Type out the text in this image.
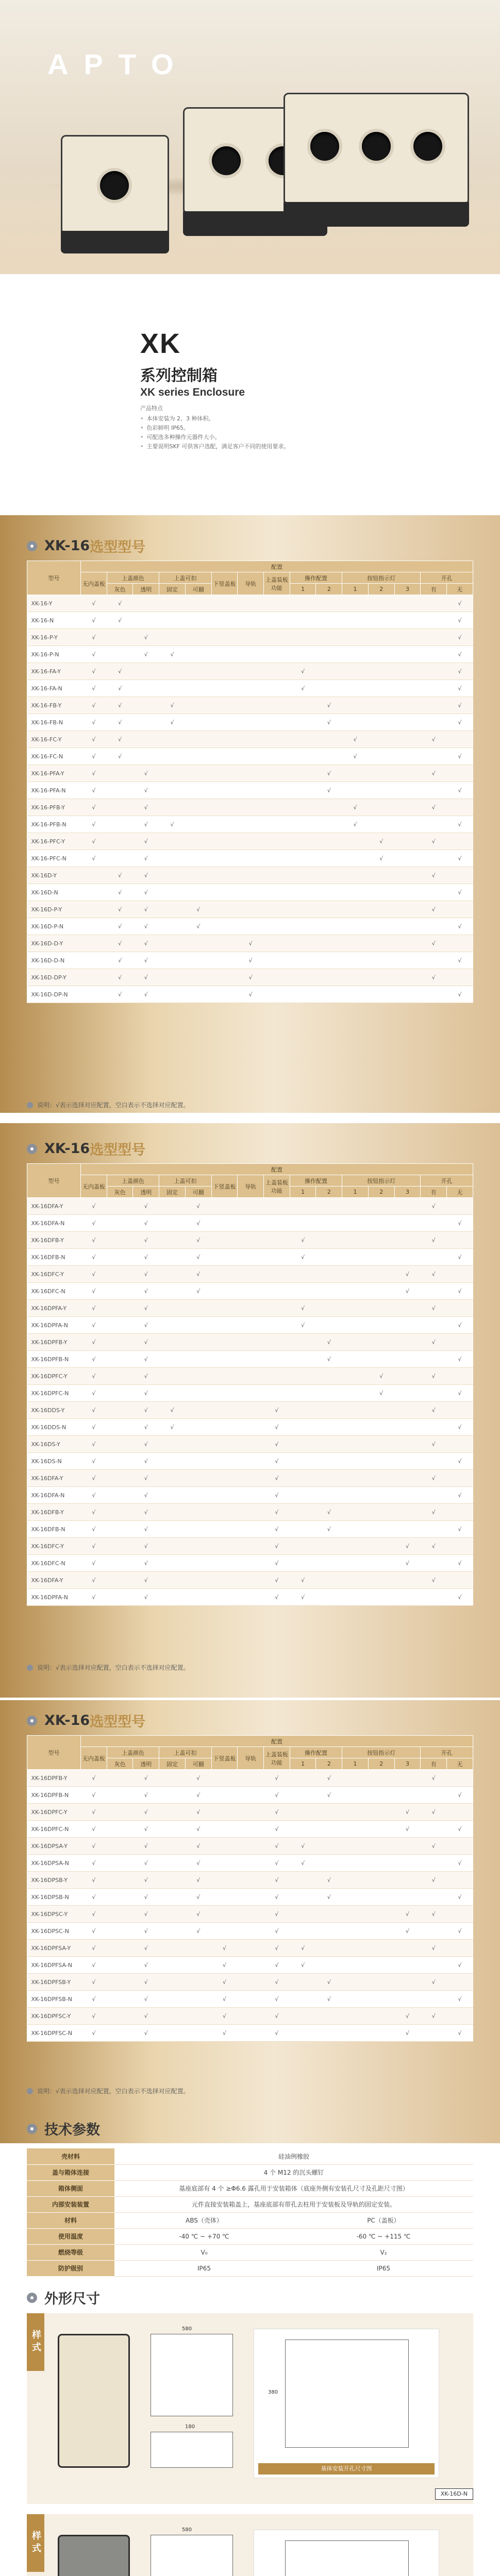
APTO
XK
系列控制箱
XK series Enclosure
产品特点
• 本体安装为 2、3 种体积。
• 色彩鲜明 IP65。
• 可配选多种操作元器件大小。
• 主要说明SKF 可供客户选配，满足客户不同的使用要求。
XK-16 选型型号
型号	配置														
	无内盖板	上盖颜色		上盖可扣		下竖盖板	导轨	上盖装板功能	操作配置		按钮指示灯			开孔	
		灰色	透明	固定	可翻				1	2	1	2	3	有	无
XK-16-Y	√	√													√
XK-16-N	√	√													√
XK-16-P-Y	√		√												√
XK-16-P-N	√		√	√											√
XK-16-FA-Y	√	√							√						√
XK-16-FA-N	√	√							√						√
XK-16-FB-Y	√	√		√						√					√
XK-16-FB-N	√	√		√						√					√
XK-16-FC-Y	√	√									√			√	
XK-16-FC-N	√	√									√				√
XK-16-PFA-Y	√		√							√				√	
XK-16-PFA-N	√		√							√					√
XK-16-PFB-Y	√		√								√			√	
XK-16-PFB-N	√		√	√							√				√
XK-16-PFC-Y	√		√									√		√	
XK-16-PFC-N	√		√									√			√
XK-16D-Y		√	√											√	
XK-16D-N		√	√												√
XK-16D-P-Y		√	√		√									√	
XK-16D-P-N		√	√		√										√
XK-16D-D-Y		√	√				√							√	
XK-16D-D-N		√	√				√								√
XK-16D-DP-Y		√	√				√							√	
XK-16D-DP-N		√	√				√								√
说明：√表示选择对应配置，空白表示不选择对应配置。
XK-16 选型型号
型号	配置														
	无内盖板	上盖颜色		上盖可扣		下竖盖板	导轨	上盖装板功能	操作配置		按钮指示灯			开孔	
		灰色	透明	固定	可翻				1	2	1	2	3	有	无
XK-16DFA-Y	√		√		√									√	
XK-16DFA-N	√		√		√										√
XK-16DFB-Y	√		√		√				√					√	
XK-16DFB-N	√		√		√				√						√
XK-16DFC-Y	√		√		√								√	√	
XK-16DFC-N	√		√		√								√		√
XK-16DPFA-Y	√		√						√					√	
XK-16DPFA-N	√		√						√						√
XK-16DPFB-Y	√		√							√				√	
XK-16DPFB-N	√		√							√					√
XK-16DPFC-Y	√		√									√		√	
XK-16DPFC-N	√		√									√			√
XK-16DDS-Y	√		√	√				√						√	
XK-16DDS-N	√		√	√				√							√
XK-16DS-Y	√		√					√						√	
XK-16DS-N	√		√					√							√
XK-16DFA-Y	√		√					√						√	
XK-16DFA-N	√		√					√							√
XK-16DFB-Y	√		√					√		√				√	
XK-16DFB-N	√		√					√		√					√
XK-16DFC-Y	√		√					√					√	√	
XK-16DFC-N	√		√					√					√		√
XK-16DFA-Y	√		√					√	√					√	
XK-16DPFA-N	√		√					√	√						√
说明：√表示选择对应配置，空白表示不选择对应配置。
XK-16 选型型号
型号	配置														
	无内盖板	上盖颜色		上盖可扣		下竖盖板	导轨	上盖装板功能	操作配置		按钮指示灯			开孔	
		灰色	透明	固定	可翻				1	2	1	2	3	有	无
XK-16DPFB-Y	√		√		√			√		√				√	
XK-16DPFB-N	√		√		√			√		√					√
XK-16DPFC-Y	√		√		√			√					√	√	
XK-16DPFC-N	√		√		√			√					√		√
XK-16DPSA-Y	√		√		√			√	√					√	
XK-16DPSA-N	√		√		√			√	√						√
XK-16DPSB-Y	√		√		√			√		√				√	
XK-16DPSB-N	√		√		√			√		√					√
XK-16DPSC-Y	√		√		√			√					√	√	
XK-16DPSC-N	√		√		√			√					√		√
XK-16DPFSA-Y	√		√			√		√	√					√	
XK-16DPFSA-N	√		√			√		√	√						√
XK-16DPFSB-Y	√		√			√		√		√				√	
XK-16DPFSB-N	√		√			√		√		√					√
XK-16DPFSC-Y	√		√			√		√					√	√	
XK-16DPFSC-N	√		√			√		√					√		√
说明：√表示选择对应配置，空白表示不选择对应配置。
技术参数
壳材料	硅油例橡胶	
盖与箱体连接	4 个 M12 的沉头螺钉	
箱体侧面	基座底部有 4 个 ≥Φ6.6 露孔用于安装箱体（底座外侧有安装孔尺寸及孔距尺寸图）	
内部安装装置	元件直接安装箱盖上，基座底部有带孔去柱用于安装板及导轨的固定安装。	
材料	ABS（壳体）	PC（盖板）
使用温度	-40 ℃ ~ +70 ℃	-60 ℃ ~ +115 ℃
燃烧等级	V₀	V₂
防护级别	IP65	IP65
外形尺寸
样式
580
180
380
基体安装开孔尺寸图
XK-16D-N
样式
580
